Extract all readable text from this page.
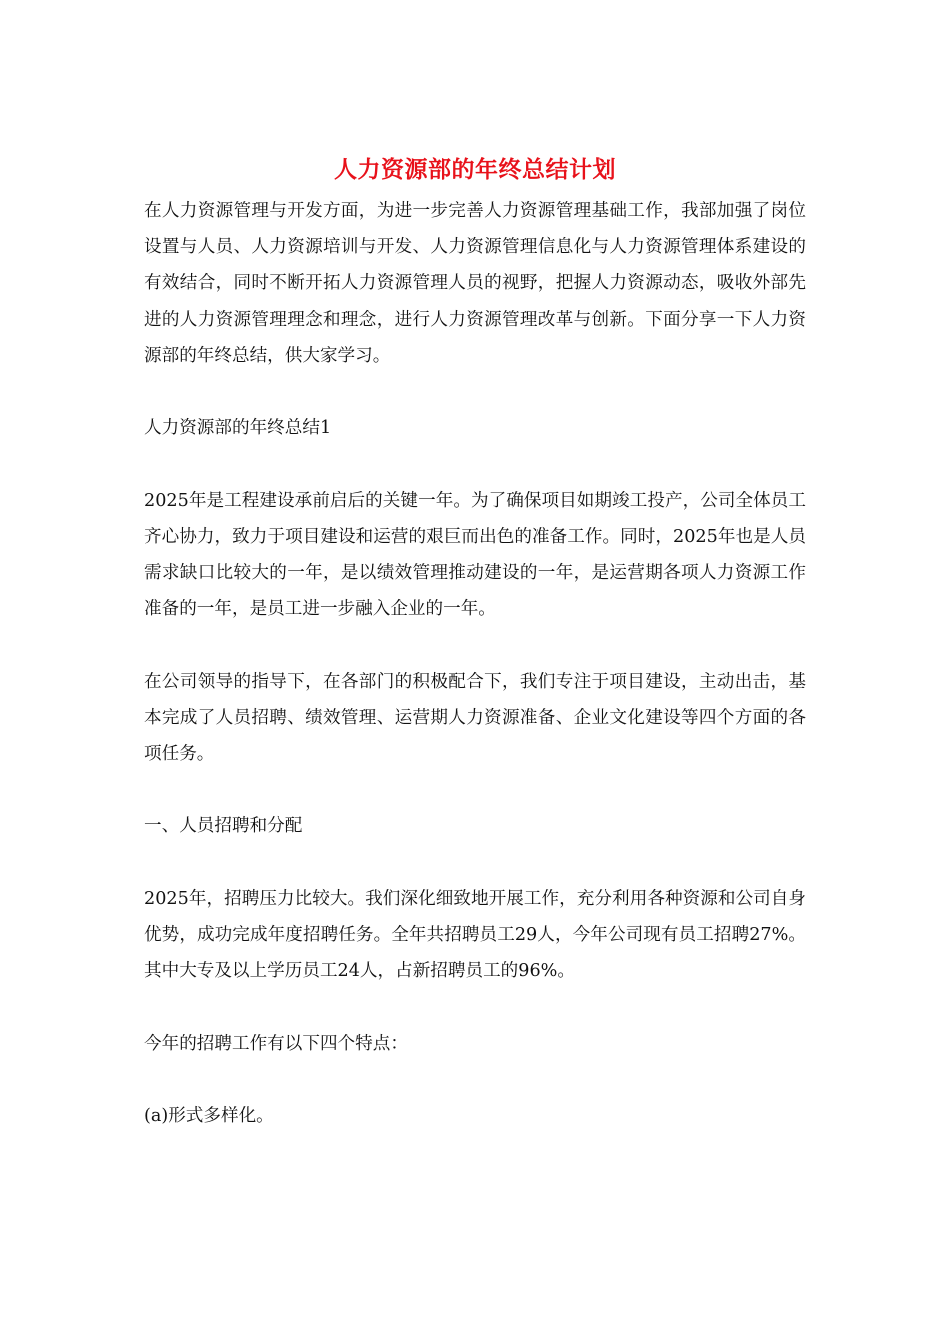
人力资源部的年终总结计划

在人力资源管理与开发方面，为进一步完善人力资源管理基础工作，我部加强了岗位设置与人员、人力资源培训与开发、人力资源管理信息化与人力资源管理体系建设的有效结合，同时不断开拓人力资源管理人员的视野，把握人力资源动态，吸收外部先进的人力资源管理理念和理念，进行人力资源管理改革与创新。下面分享一下人力资源部的年终总结，供大家学习。

人力资源部的年终总结1

2025年是工程建设承前启后的关键一年。为了确保项目如期竣工投产，公司全体员工齐心协力，致力于项目建设和运营的艰巨而出色的准备工作。同时，2025年也是人员需求缺口比较大的一年，是以绩效管理推动建设的一年，是运营期各项人力资源工作准备的一年，是员工进一步融入企业的一年。

在公司领导的指导下，在各部门的积极配合下，我们专注于项目建设，主动出击，基本完成了人员招聘、绩效管理、运营期人力资源准备、企业文化建设等四个方面的各项任务。

一、人员招聘和分配

2025年，招聘压力比较大。我们深化细致地开展工作，充分利用各种资源和公司自身优势，成功完成年度招聘任务。全年共招聘员工29人，今年公司现有员工招聘27%。其中大专及以上学历员工24人，占新招聘员工的96%。

今年的招聘工作有以下四个特点：

(a)形式多样化。
